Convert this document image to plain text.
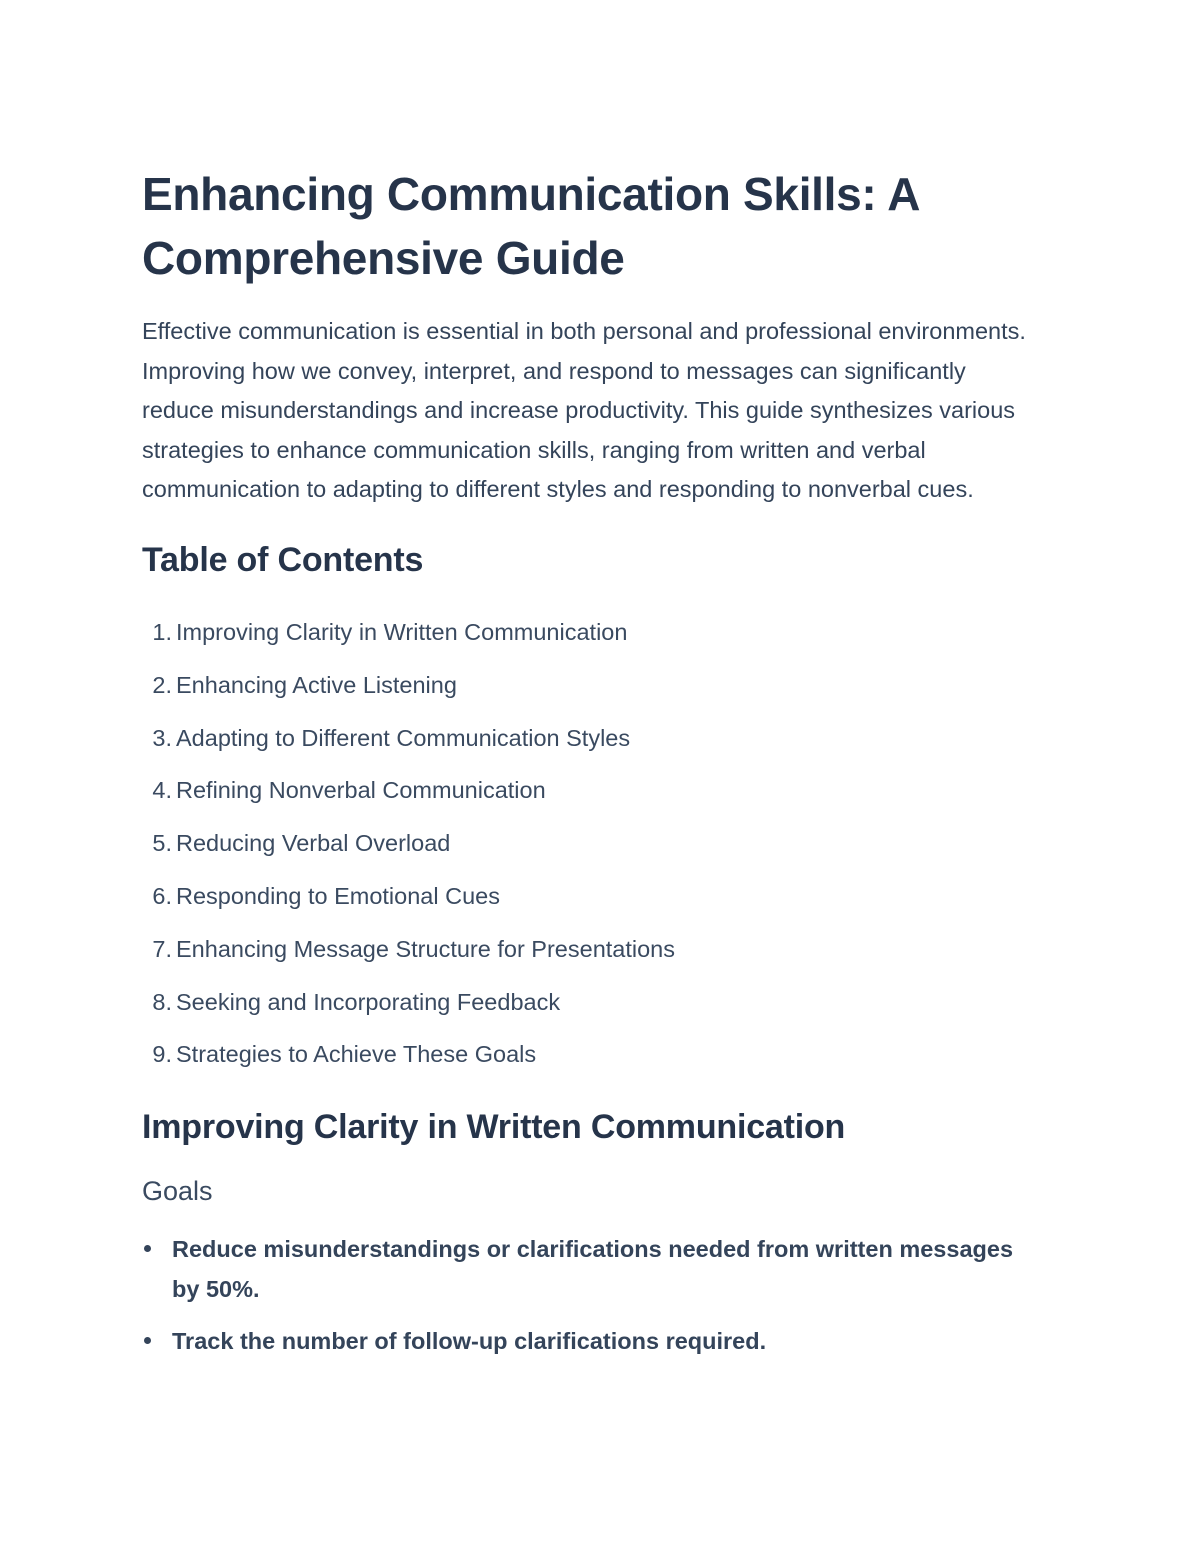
Enhancing Communication Skills: A Comprehensive Guide

Effective communication is essential in both personal and professional environments. Improving how we convey, interpret, and respond to messages can significantly reduce misunderstandings and increase productivity. This guide synthesizes various strategies to enhance communication skills, ranging from written and verbal communication to adapting to different styles and responding to nonverbal cues.

Table of Contents
1. Improving Clarity in Written Communication
2. Enhancing Active Listening
3. Adapting to Different Communication Styles
4. Refining Nonverbal Communication
5. Reducing Verbal Overload
6. Responding to Emotional Cues
7. Enhancing Message Structure for Presentations
8. Seeking and Incorporating Feedback
9. Strategies to Achieve These Goals
Improving Clarity in Written Communication
Goals
Reduce misunderstandings or clarifications needed from written messages by 50%.
Track the number of follow-up clarifications required.
